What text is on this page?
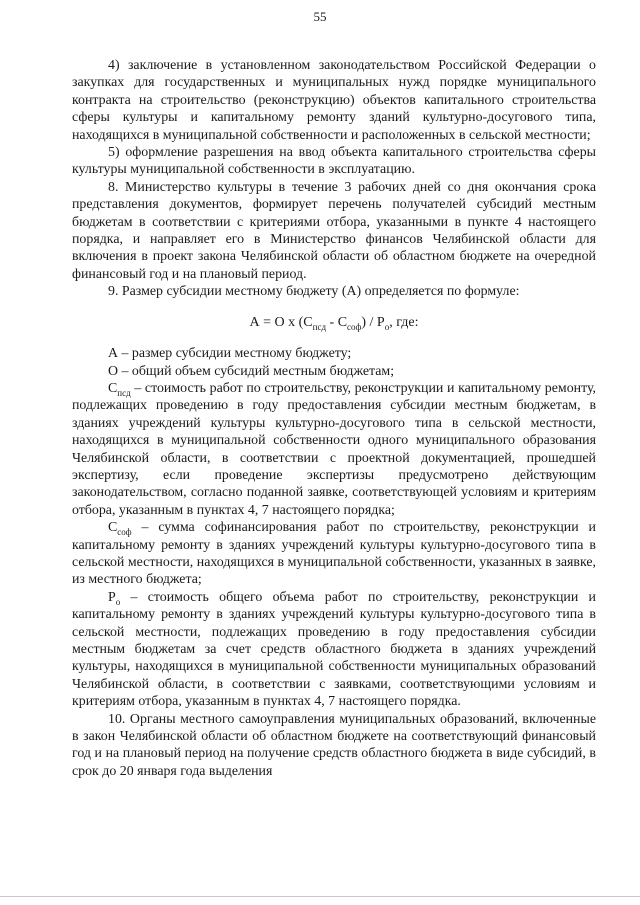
55

4) заключение в установленном законодательством Российской Федерации о закупках для государственных и муниципальных нужд порядке муниципального контракта на строительство (реконструкцию) объектов капитального строительства сферы культуры и капитальному ремонту зданий культурно-досугового типа, находящихся в муниципальной собственности и расположенных в сельской местности;

5) оформление разрешения на ввод объекта капитального строительства сферы культуры муниципальной собственности в эксплуатацию.

8. Министерство культуры в течение 3 рабочих дней со дня окончания срока представления документов, формирует перечень получателей субсидий местным бюджетам в соответствии с критериями отбора, указанными в пункте 4 настоящего порядка, и направляет его в Министерство финансов Челябинской области для включения в проект закона Челябинской области об областном бюджете на очередной финансовый год и на плановый период.

9. Размер субсидии местному бюджету (А) определяется по формуле:

А = О х $(С_{псд} - С_{соф}) / Р_о$, где:

А – размер субсидии местному бюджету;

О – общий объем субсидий местным бюджетам;

$С_{псд}$ – стоимость работ по строительству, реконструкции и капитальному ремонту, подлежащих проведению в году предоставления субсидии местным бюджетам, в зданиях учреждений культуры культурно-досугового типа в сельской местности, находящихся в муниципальной собственности одного муниципального образования Челябинской области, в соответствии с проектной документацией, прошедшей экспертизу, если проведение экспертизы предусмотрено действующим законодательством, согласно поданной заявке, соответствующей условиям и критериям отбора, указанным в пунктах 4, 7 настоящего порядка;

$С_{соф}$ – сумма софинансирования работ по строительству, реконструкции и капитальному ремонту в зданиях учреждений культуры культурно-досугового типа в сельской местности, находящихся в муниципальной собственности, указанных в заявке, из местного бюджета;

$Р_о$ – стоимость общего объема работ по строительству, реконструкции и капитальному ремонту в зданиях учреждений культуры культурно-досугового типа в сельской местности, подлежащих проведению в году предоставления субсидии местным бюджетам за счет средств областного бюджета в зданиях учреждений культуры, находящихся в муниципальной собственности муниципальных образований Челябинской области, в соответствии с заявками, соответствующими условиям и критериям отбора, указанным в пунктах 4, 7 настоящего порядка.

10. Органы местного самоуправления муниципальных образований, включенные в закон Челябинской области об областном бюджете на соответствующий финансовый год и на плановый период на получение средств областного бюджета в виде субсидий, в срок до 20 января года выделения
